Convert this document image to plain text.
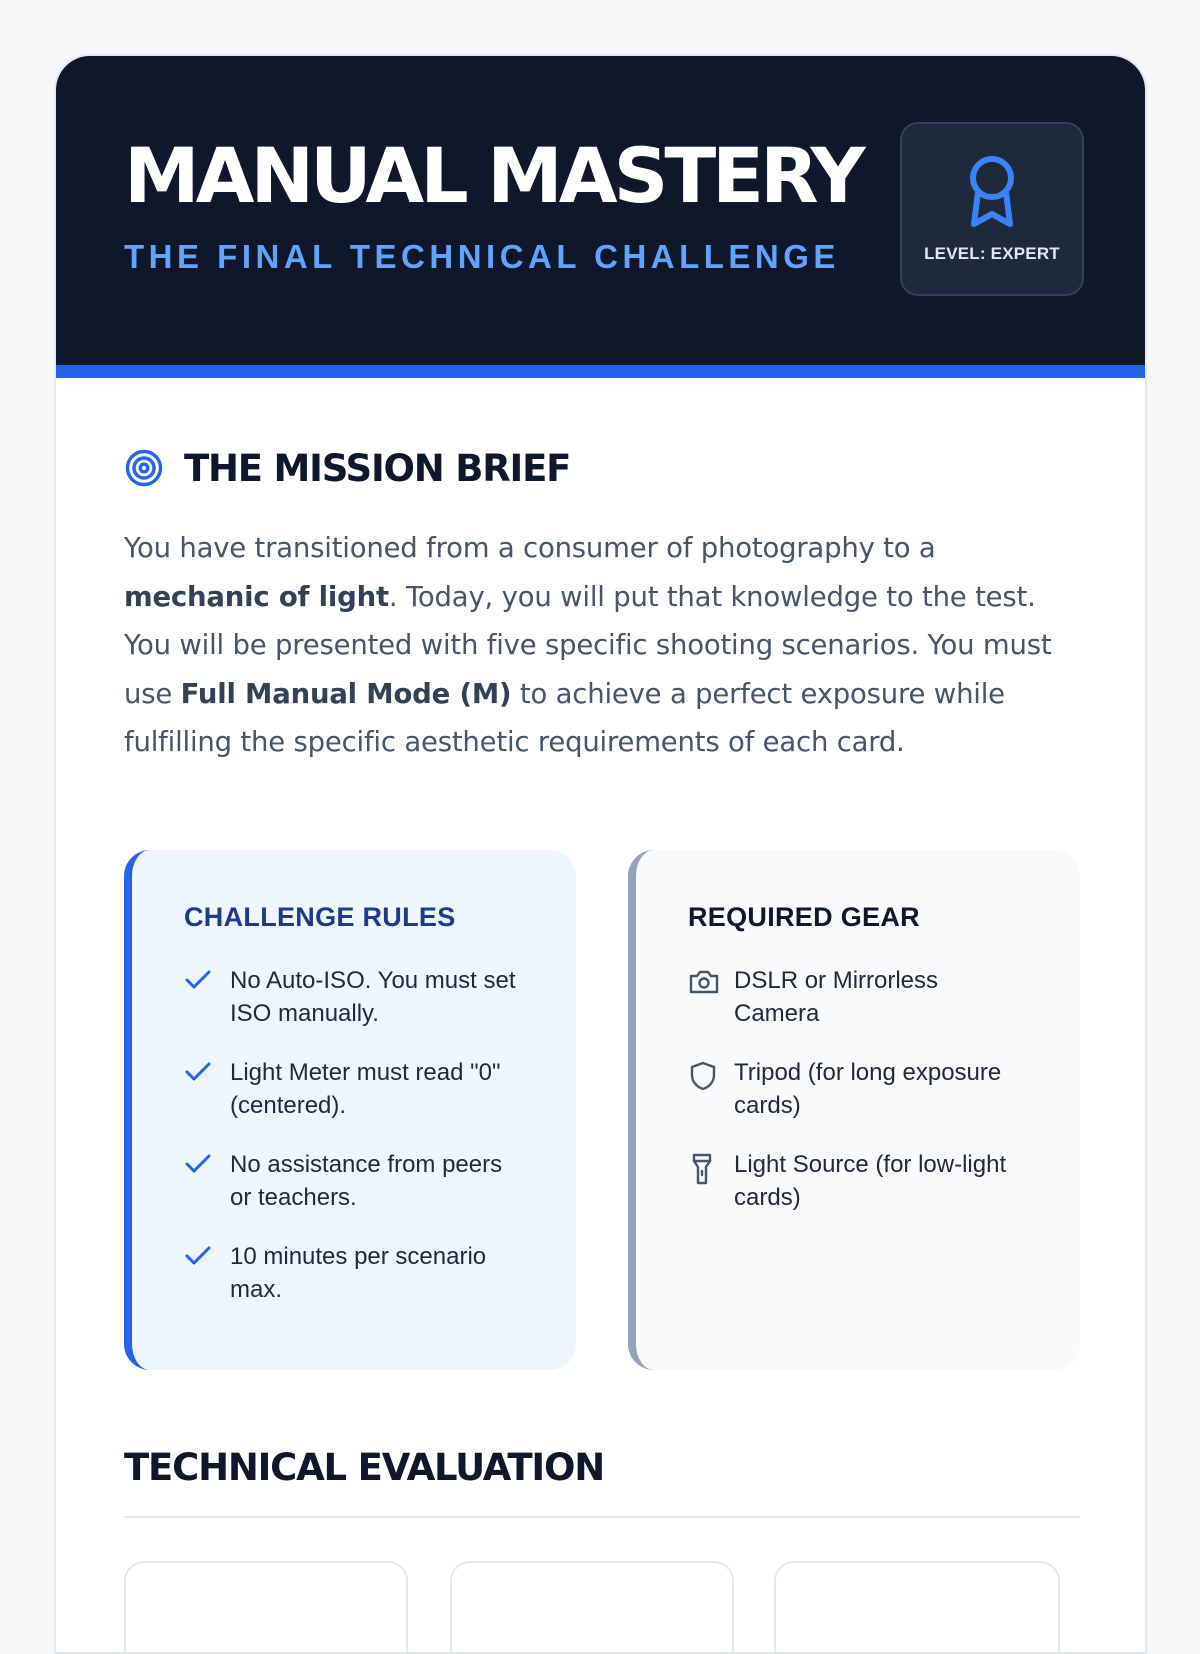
MANUAL MASTERY
THE FINAL TECHNICAL CHALLENGE	LEVEL: EXPERT
THE MISSION BRIEF

You have transitioned from a consumer of photography to a mechanic of light. Today, you will put that knowledge to the test. You will be presented with five specific shooting scenarios. You must use Full Manual Mode (M) to achieve a perfect exposure while fulfilling the specific aesthetic requirements of each card.

CHALLENGE RULES
No Auto-ISO. You must set ISO manually.
Light Meter must read "0" (centered).
No assistance from peers or teachers.
10 minutes per scenario max.
REQUIRED GEAR
DSLR or Mirrorless Camera
Tripod (for long exposure cards)
Light Source (for low-light cards)
TECHNICAL EVALUATION
